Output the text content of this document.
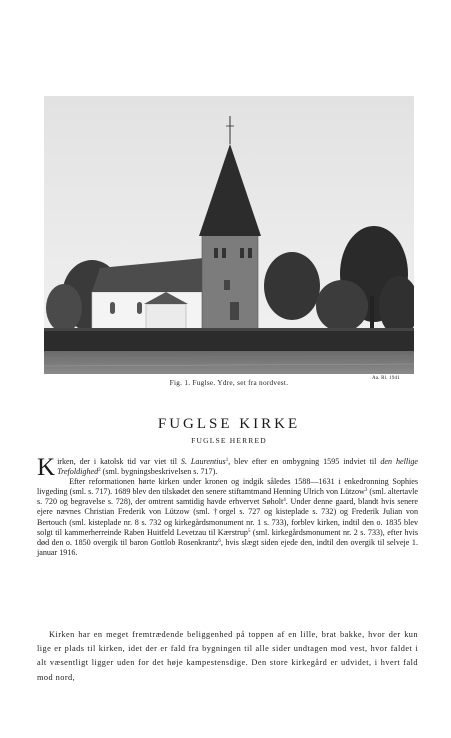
Aa. Rl. 1941
Fig. 1. Fuglse. Ydre, set fra nordvest.
FUGLSE KIRKE
FUGLSE HERRED

Kirken, der i katolsk tid var viet til S. Laurentius$^1$, blev efter en ombygning 1595 indviet til den hellige Trefoldighed$^2$ (sml. bygningsbeskrivelsen s. 717).

Efter reformationen hørte kirken under kronen og indgik således 1588—1631 i enkedronning Sophies livgeding (sml. s. 717). 1689 blev den tilskødet den senere stiftamtmand Henning Ulrich von Lützow$^3$ (sml. altertavle s. 720 og begravelse s. 728), der omtrent samtidig havde erhvervet Søholt$^4$. Under denne gaard, blandt hvis senere ejere nævnes Christian Frederik von Lützow (sml. †orgel s. 727 og kisteplade s. 732) og Frederik Julian von Bertouch (sml. kisteplade nr. 8 s. 732 og kirkegårdsmonument nr. 1 s. 733), forblev kirken, indtil den o. 1835 blev solgt til kammerherreinde Raben Huitfeld Levetzau til Kærstrup$^5$ (sml. kirkegårdsmonument nr. 2 s. 733), efter hvis død den o. 1850 overgik til baron Gottlob Rosenkrantz$^6$, hvis slægt siden ejede den, indtil den overgik til selveje 1. januar 1916.

Kirken har en meget fremtrædende beliggenhed på toppen af en lille, brat bakke, hvor der kun lige er plads til kirken, idet der er fald fra bygningen til alle sider undtagen mod vest, hvor faldet i alt væsentligt ligger uden for det høje kampestensdige. Den store kirkegård er udvidet, i hvert fald mod nord,
